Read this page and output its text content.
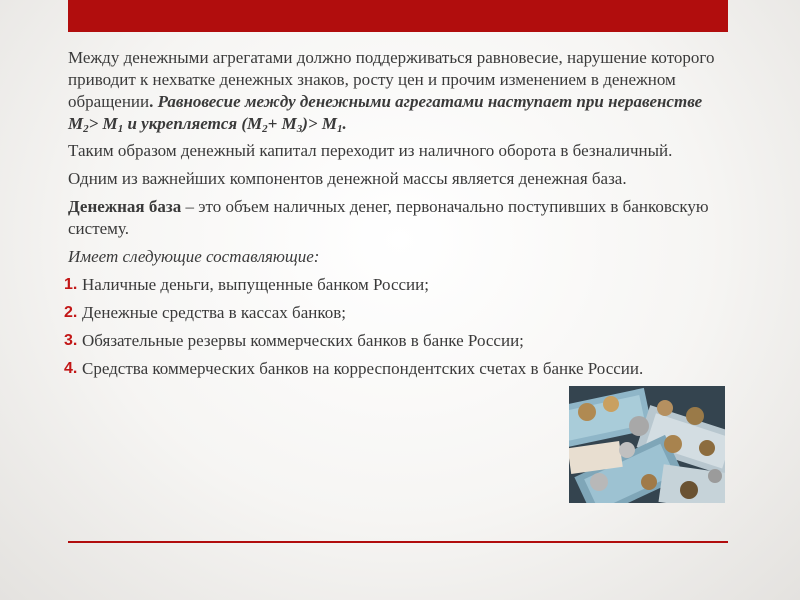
Между денежными агрегатами должно поддерживаться равновесие, нарушение которого приводит к нехватке денежных знаков, росту цен и прочим изменением в денежном обращении. Равновесие между денежными агрегатами наступает при неравенстве $М_2> М_1$ и укрепляется $(М_2+ М_3)> М_1$.

Таким образом денежный капитал переходит из наличного оборота в безналичный.

Одним из важнейших компонентов денежной массы является денежная база.

Денежная база – это объем наличных денег, первоначально поступивших в банковскую систему.

Имеет следующие составляющие:

1. Наличные деньги, выпущенные банком России;
2. Денежные средства в кассах банков;
3. Обязательные резервы коммерческих банков в банке России;
4. Средства коммерческих банков на корреспондентских счетах в банке России.
